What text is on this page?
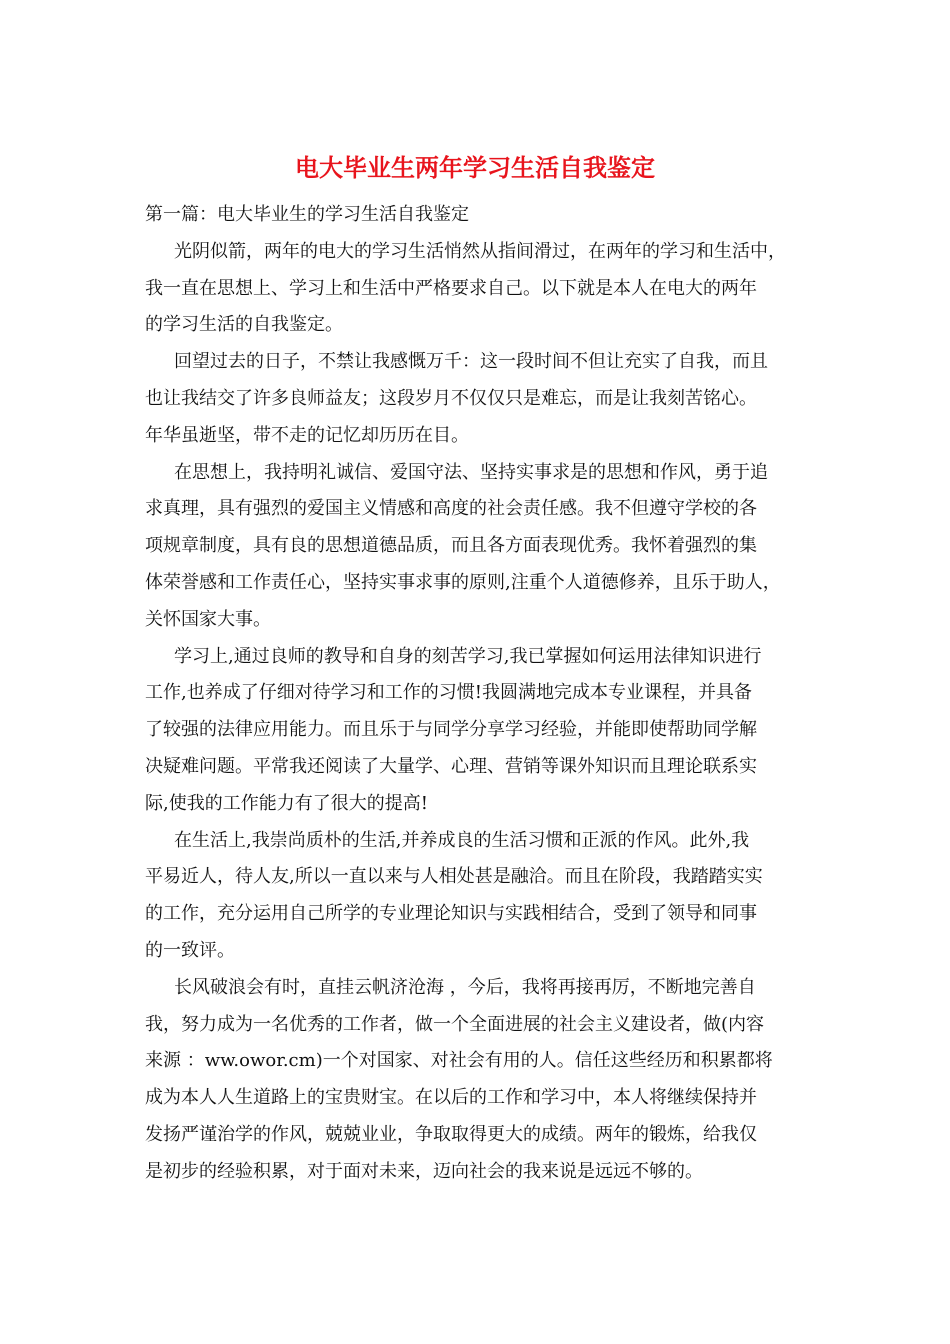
电大毕业生两年学习生活自我鉴定

第一篇：电大毕业生的学习生活自我鉴定

光阴似箭，两年的电大的学习生活悄然从指间滑过，在两年的学习和生活中，
我一直在思想上、学习上和生活中严格要求自己。以下就是本人在电大的两年
的学习生活的自我鉴定。

回望过去的日子，不禁让我感慨万千：这一段时间不但让充实了自我，而且
也让我结交了许多良师益友；这段岁月不仅仅只是难忘，而是让我刻苦铭心。
年华虽逝坚，带不走的记忆却历历在目。

在思想上，我持明礼诚信、爱国守法、坚持实事求是的思想和作风，勇于追
求真理，具有强烈的爱国主义情感和高度的社会责任感。我不但遵守学校的各
项规章制度，具有良的思想道德品质，而且各方面表现优秀。我怀着强烈的集
体荣誉感和工作责任心，坚持实事求事的原则,注重个人道德修养，且乐于助人，
关怀国家大事。

学习上,通过良师的教导和自身的刻苦学习,我已掌握如何运用法律知识进行
工作,也养成了仔细对待学习和工作的习惯!我圆满地完成本专业课程，并具备
了较强的法律应用能力。而且乐于与同学分享学习经验，并能即使帮助同学解
决疑难问题。平常我还阅读了大量学、心理、营销等课外知识而且理论联系实
际,使我的工作能力有了很大的提高!

在生活上,我崇尚质朴的生活,并养成良的生活习惯和正派的作风。此外,我
平易近人，待人友,所以一直以来与人相处甚是融洽。而且在阶段，我踏踏实实
的工作，充分运用自己所学的专业理论知识与实践相结合，受到了领导和同事
的一致评。

长风破浪会有时，直挂云帆济沧海 ，今后，我将再接再厉，不断地完善自
我，努力成为一名优秀的工作者，做一个全面进展的社会主义建设者，做(内容
来源 ：ww.owor.cm)一个对国家、对社会有用的人。信任这些经历和积累都将
成为本人人生道路上的宝贵财宝。在以后的工作和学习中，本人将继续保持并
发扬严谨治学的作风，兢兢业业，争取取得更大的成绩。两年的锻炼，给我仅
是初步的经验积累，对于面对未来，迈向社会的我来说是远远不够的。
